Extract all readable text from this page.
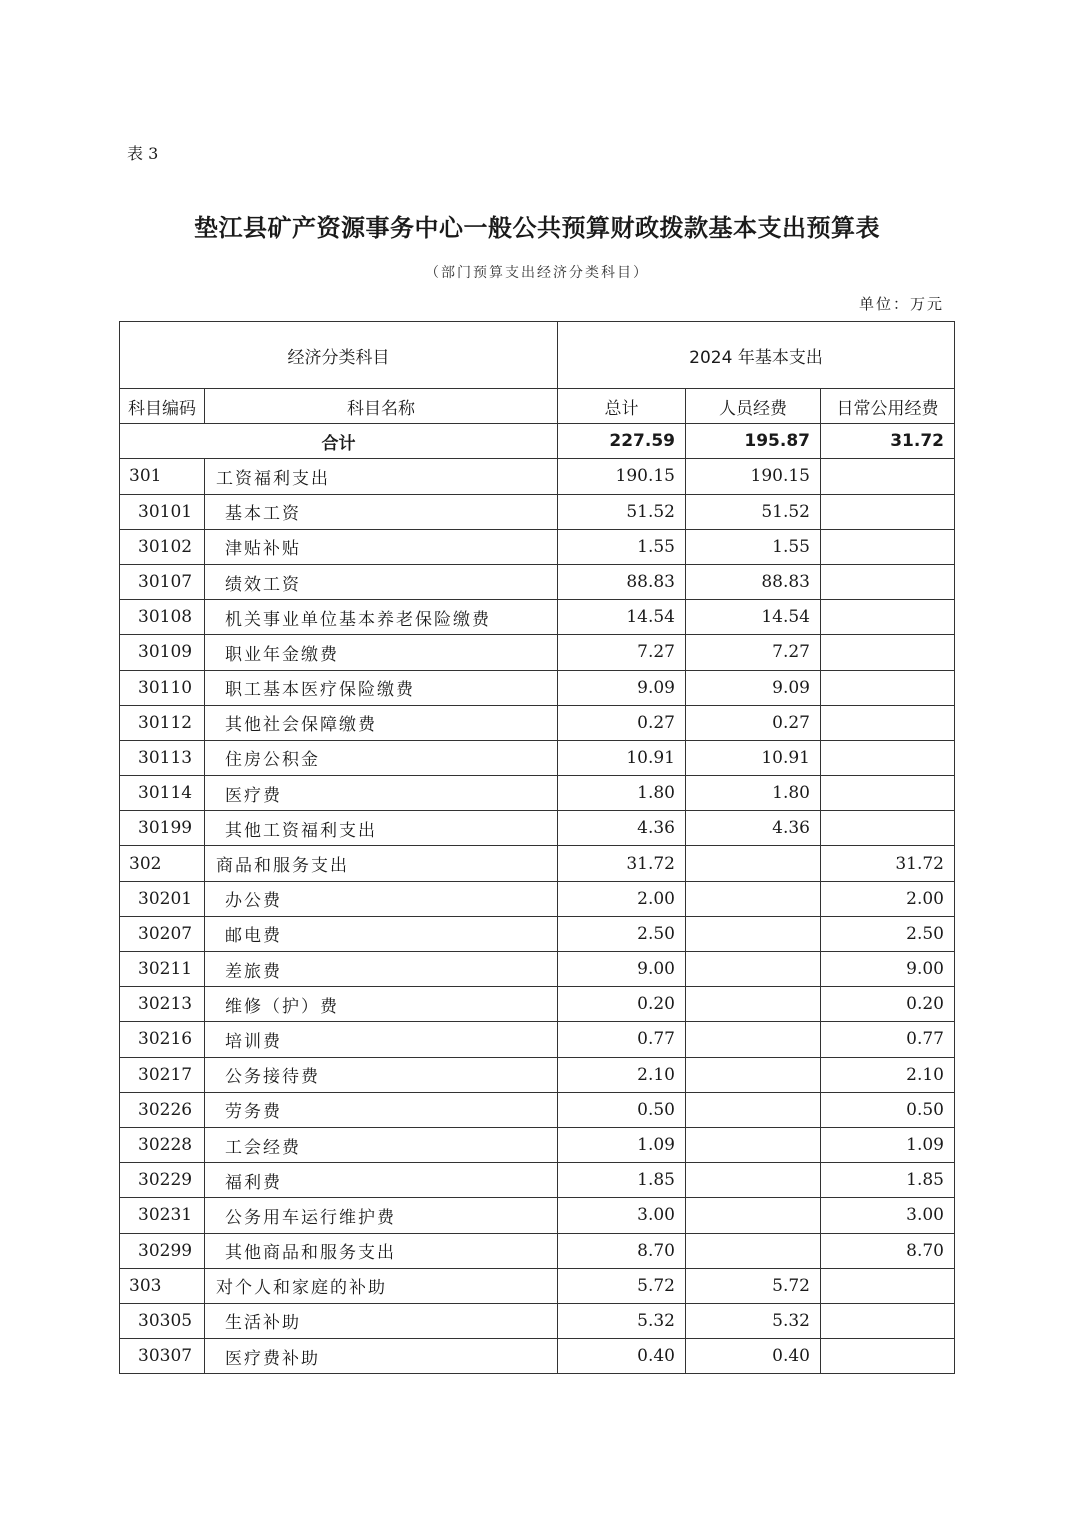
表 3
垫江县矿产资源事务中心一般公共预算财政拨款基本支出预算表
（部门预算支出经济分类科目）
单位：万元
经济分类科目		2024 年基本支出		
科目编码	科目名称	总计	人员经费	日常公用经费
合计		227.59	195.87	31.72
301	工资福利支出	190.15	190.15	
30101	基本工资	51.52	51.52	
30102	津贴补贴	1.55	1.55	
30107	绩效工资	88.83	88.83	
30108	机关事业单位基本养老保险缴费	14.54	14.54	
30109	职业年金缴费	7.27	7.27	
30110	职工基本医疗保险缴费	9.09	9.09	
30112	其他社会保障缴费	0.27	0.27	
30113	住房公积金	10.91	10.91	
30114	医疗费	1.80	1.80	
30199	其他工资福利支出	4.36	4.36	
302	商品和服务支出	31.72		31.72
30201	办公费	2.00		2.00
30207	邮电费	2.50		2.50
30211	差旅费	9.00		9.00
30213	维修（护）费	0.20		0.20
30216	培训费	0.77		0.77
30217	公务接待费	2.10		2.10
30226	劳务费	0.50		0.50
30228	工会经费	1.09		1.09
30229	福利费	1.85		1.85
30231	公务用车运行维护费	3.00		3.00
30299	其他商品和服务支出	8.70		8.70
303	对个人和家庭的补助	5.72	5.72	
30305	生活补助	5.32	5.32	
30307	医疗费补助	0.40	0.40	
